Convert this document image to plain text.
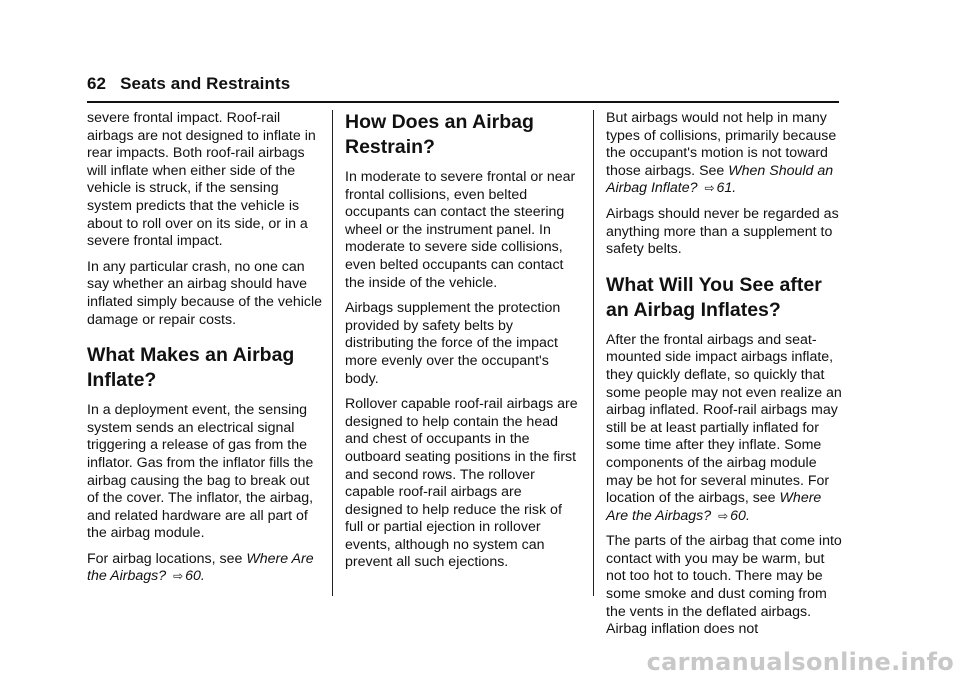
62 Seats and Restraints

severe frontal impact. Roof-rail airbags are not designed to inflate in rear impacts. Both roof-rail airbags will inflate when either side of the vehicle is struck, if the sensing system predicts that the vehicle is about to roll over on its side, or in a severe frontal impact.

In any particular crash, no one can say whether an airbag should have inflated simply because of the vehicle damage or repair costs.

What Makes an Airbag Inflate?

In a deployment event, the sensing system sends an electrical signal triggering a release of gas from the inflator. Gas from the inflator fills the airbag causing the bag to break out of the cover. The inflator, the airbag, and related hardware are all part of the airbag module.

For airbag locations, see Where Are the Airbags? ⇨ 60.

How Does an Airbag Restrain?

In moderate to severe frontal or near frontal collisions, even belted occupants can contact the steering wheel or the instrument panel. In moderate to severe side collisions, even belted occupants can contact the inside of the vehicle.

Airbags supplement the protection provided by safety belts by distributing the force of the impact more evenly over the occupant's body.

Rollover capable roof-rail airbags are designed to help contain the head and chest of occupants in the outboard seating positions in the first and second rows. The rollover capable roof-rail airbags are designed to help reduce the risk of full or partial ejection in rollover events, although no system can prevent all such ejections.

But airbags would not help in many types of collisions, primarily because the occupant's motion is not toward those airbags. See When Should an Airbag Inflate? ⇨ 61.

Airbags should never be regarded as anything more than a supplement to safety belts.

What Will You See after an Airbag Inflates?

After the frontal airbags and seat-mounted side impact airbags inflate, they quickly deflate, so quickly that some people may not even realize an airbag inflated. Roof-rail airbags may still be at least partially inflated for some time after they inflate. Some components of the airbag module may be hot for several minutes. For location of the airbags, see Where Are the Airbags? ⇨ 60.

The parts of the airbag that come into contact with you may be warm, but not too hot to touch. There may be some smoke and dust coming from the vents in the deflated airbags. Airbag inflation does not

carmanualsonline.info
